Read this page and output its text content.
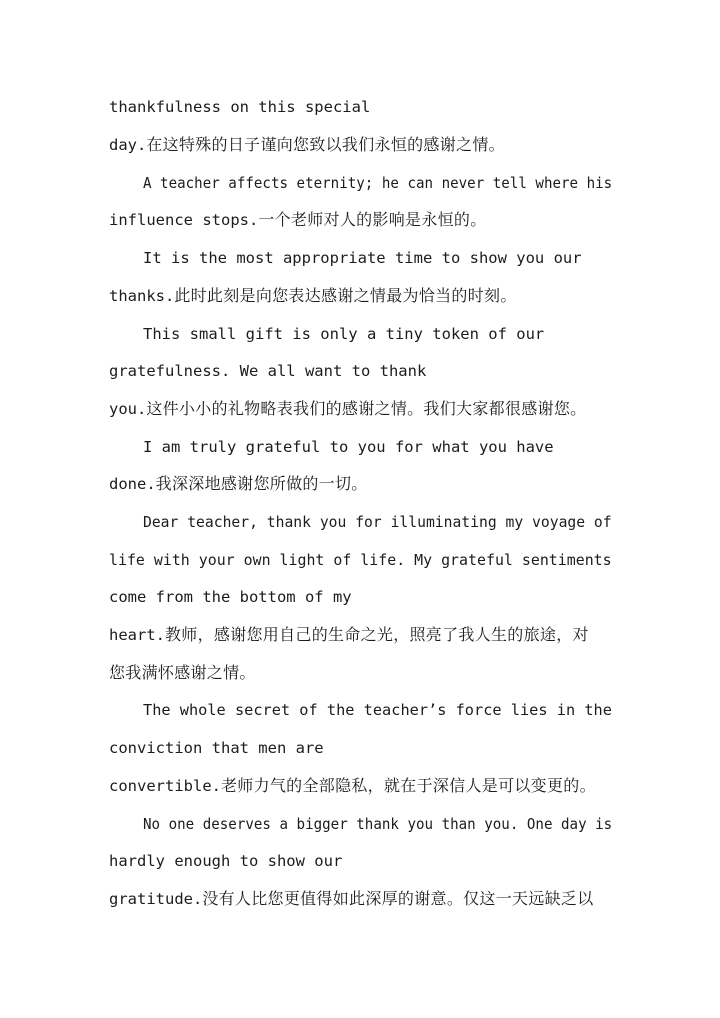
thankfulness on this special
day.在这特殊的日子谨向您致以我们永恒的感谢之情。
A teacher affects eternity; he can never tell where his
influence stops.一个老师对人的影响是永恒的。
It is the most appropriate time to show you our
thanks.此时此刻是向您表达感谢之情最为恰当的时刻。
This small gift is only a tiny token of our
gratefulness. We all want to thank
you.这件小小的礼物略表我们的感谢之情。我们大家都很感谢您。
I am truly grateful to you for what you have
done.我深深地感谢您所做的一切。
Dear teacher, thank you for illuminating my voyage of
life with your own light of life. My grateful sentiments
come from the bottom of my
heart.教师，感谢您用自己的生命之光，照亮了我人生的旅途，对
您我满怀感谢之情。
The whole secret of the teacher’s force lies in the
conviction that men are
convertible.老师力气的全部隐私，就在于深信人是可以变更的。
No one deserves a bigger thank you than you. One day is
hardly enough to show our
gratitude.没有人比您更值得如此深厚的谢意。仅这一天远缺乏以
